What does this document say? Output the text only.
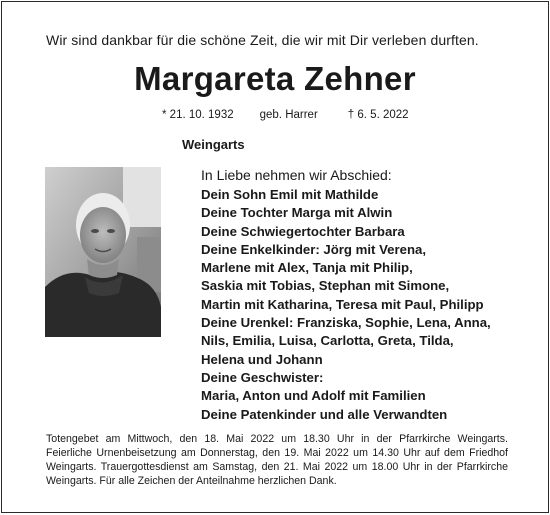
Wir sind dankbar für die schöne Zeit, die wir mit Dir verleben durften.
Margareta Zehner
* 21. 10. 1932 geb. Harrer	† 6. 5. 2022
Weingarts
In Liebe nehmen wir Abschied:
Dein Sohn Emil mit Mathilde
Deine Tochter Marga mit Alwin
Deine Schwiegertochter Barbara
Deine Enkelkinder: Jörg mit Verena,
Marlene mit Alex, Tanja mit Philip,
Saskia mit Tobias, Stephan mit Simone,
Martin mit Katharina, Teresa mit Paul, Philipp
Deine Urenkel: Franziska, Sophie, Lena, Anna,
Nils, Emilia, Luisa, Carlotta, Greta, Tilda,
Helena und Johann
Deine Geschwister:
Maria, Anton und Adolf mit Familien
Deine Patenkinder und alle Verwandten
Totengebet am Mittwoch, den 18. Mai 2022 um 18.30 Uhr in der Pfarrkirche Weingarts.
Feierliche Urnenbeisetzung am Donnerstag, den 19. Mai 2022 um 14.30 Uhr auf dem Friedhof
Weingarts. Trauergottesdienst am Samstag, den 21. Mai 2022 um 18.00 Uhr in der Pfarrkirche
Weingarts. Für alle Zeichen der Anteilnahme herzlichen Dank.
